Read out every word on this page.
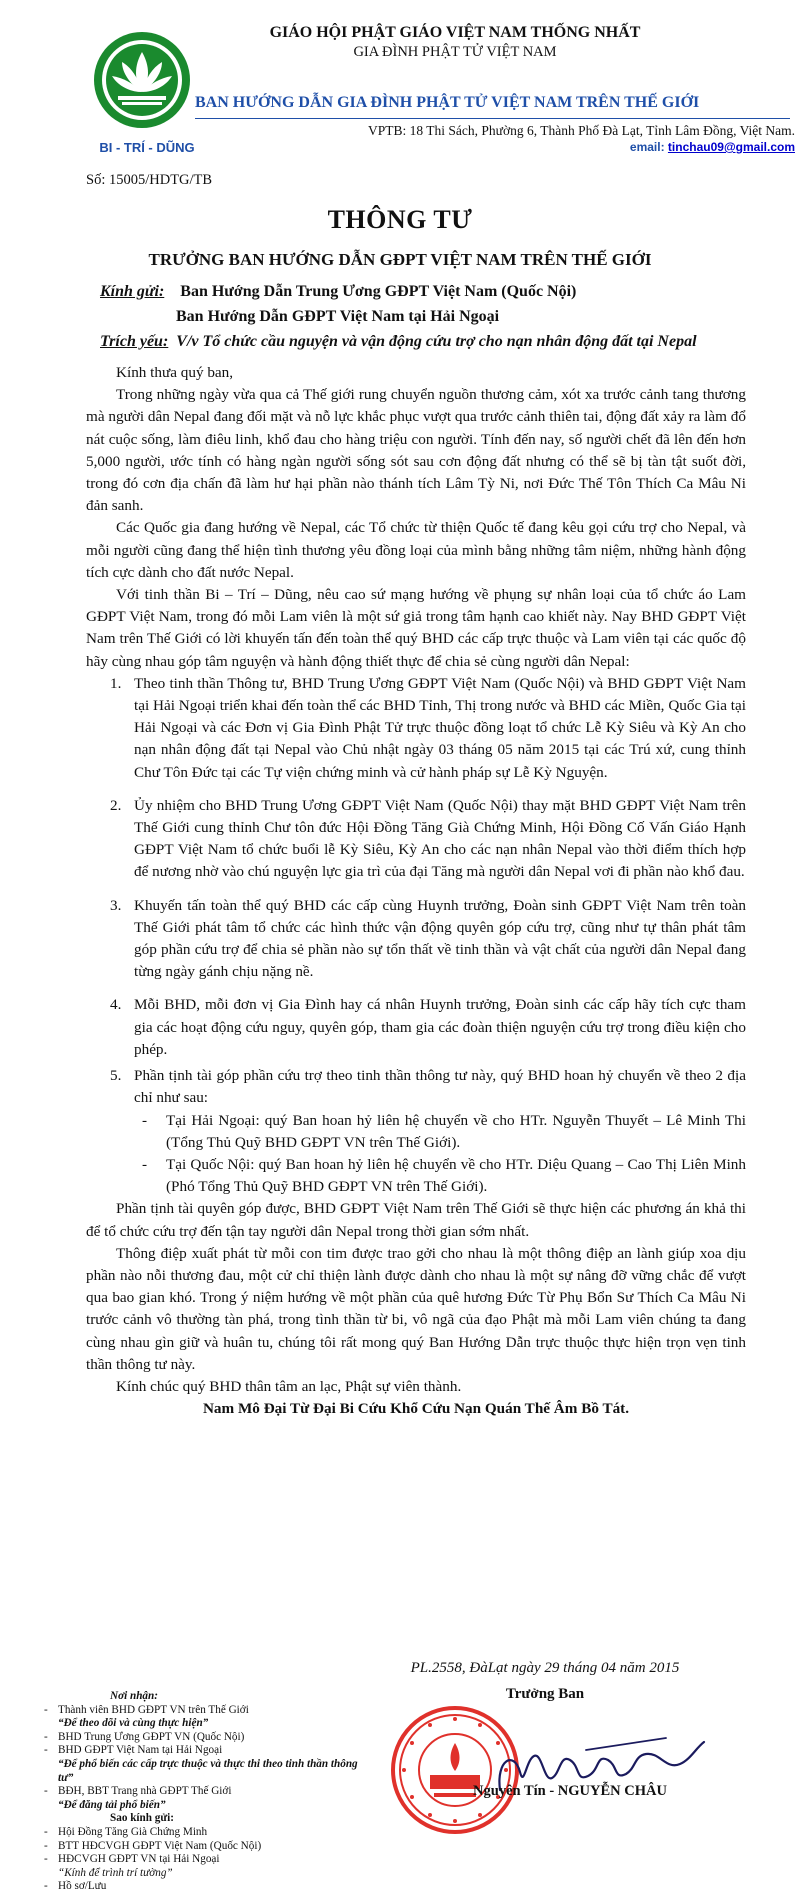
BI - TRÍ - DŨNG
GIÁO HỘI PHẬT GIÁO VIỆT NAM THỐNG NHẤT
GIA ĐÌNH PHẬT TỬ VIỆT NAM
BAN HƯỚNG DẪN GIA ĐÌNH PHẬT TỬ VIỆT NAM TRÊN THẾ GIỚI
VPTB: 18 Thi Sách, Phường 6, Thành Phố Đà Lạt, Tỉnh Lâm Đồng, Việt Nam.
email: tinchau09@gmail.com
Số: 15005/HDTG/TB
THÔNG TƯ
TRƯỞNG BAN HƯỚNG DẪN GĐPT VIỆT NAM TRÊN THẾ GIỚI
Kính gửi: Ban Hướng Dẫn Trung Ương GĐPT Việt Nam (Quốc Nội)
Ban Hướng Dẫn GĐPT Việt Nam tại Hải Ngoại
Trích yếu: V/v Tổ chức cầu nguyện và vận động cứu trợ cho nạn nhân động đất tại Nepal

Kính thưa quý ban,

Trong những ngày vừa qua cả Thế giới rung chuyển nguồn thương cảm, xót xa trước cảnh tang thương mà người dân Nepal đang đối mặt và nỗ lực khắc phục vượt qua trước cảnh thiên tai, động đất xảy ra làm đổ nát cuộc sống, làm điêu linh, khổ đau cho hàng triệu con người. Tính đến nay, số người chết đã lên đến hơn 5,000 người, ước tính có hàng ngàn người sống sót sau cơn động đất nhưng có thể sẽ bị tàn tật suốt đời, trong đó cơn địa chấn đã làm hư hại phần nào thánh tích Lâm Tỳ Ni, nơi Đức Thế Tôn Thích Ca Mâu Ni đản sanh.

Các Quốc gia đang hướng về Nepal, các Tổ chức từ thiện Quốc tế đang kêu gọi cứu trợ cho Nepal, và mỗi người cũng đang thể hiện tình thương yêu đồng loại của mình bằng những tâm niệm, những hành động tích cực dành cho đất nước Nepal.

Với tinh thần Bi – Trí – Dũng, nêu cao sứ mạng hướng về phụng sự nhân loại của tổ chức áo Lam GĐPT Việt Nam, trong đó mỗi Lam viên là một sứ giả trong tâm hạnh cao khiết này. Nay BHD GĐPT Việt Nam trên Thế Giới có lời khuyến tấn đến toàn thể quý BHD các cấp trực thuộc và Lam viên tại các quốc độ hãy cùng nhau góp tâm nguyện và hành động thiết thực để chia sẻ cùng người dân Nepal:

1. Theo tinh thần Thông tư, BHD Trung Ương GĐPT Việt Nam (Quốc Nội) và BHD GĐPT Việt Nam tại Hải Ngoại triển khai đến toàn thể các BHD Tỉnh, Thị trong nước và BHD các Miền, Quốc Gia tại Hải Ngoại và các Đơn vị Gia Đình Phật Tử trực thuộc đồng loạt tổ chức Lễ Kỳ Siêu và Kỳ An cho nạn nhân động đất tại Nepal vào Chủ nhật ngày 03 tháng 05 năm 2015 tại các Trú xứ, cung thỉnh Chư Tôn Đức tại các Tự viện chứng minh và cử hành pháp sự Lễ Kỳ Nguyện.
2. Ủy nhiệm cho BHD Trung Ương GĐPT Việt Nam (Quốc Nội) thay mặt BHD GĐPT Việt Nam trên Thế Giới cung thỉnh Chư tôn đức Hội Đồng Tăng Già Chứng Minh, Hội Đồng Cố Vấn Giáo Hạnh GĐPT Việt Nam tổ chức buổi lễ Kỳ Siêu, Kỳ An cho các nạn nhân Nepal vào thời điểm thích hợp để nương nhờ vào chú nguyện lực gia trì của đại Tăng mà người dân Nepal vơi đi phần nào khổ đau.
3. Khuyến tấn toàn thể quý BHD các cấp cùng Huynh trưởng, Đoàn sinh GĐPT Việt Nam trên toàn Thế Giới phát tâm tổ chức các hình thức vận động quyên góp cứu trợ, cũng như tự thân phát tâm góp phần cứu trợ để chia sẻ phần nào sự tổn thất về tinh thần và vật chất của người dân Nepal đang từng ngày gánh chịu nặng nề.
4. Mỗi BHD, mỗi đơn vị Gia Đình hay cá nhân Huynh trưởng, Đoàn sinh các cấp hãy tích cực tham gia các hoạt động cứu nguy, quyên góp, tham gia các đoàn thiện nguyện cứu trợ trong điều kiện cho phép.
5. Phần tịnh tài góp phần cứu trợ theo tinh thần thông tư này, quý BHD hoan hỷ chuyển về theo 2 địa chỉ như sau:
- Tại Hải Ngoại: quý Ban hoan hỷ liên hệ chuyển về cho HTr. Nguyễn Thuyết – Lê Minh Thi (Tổng Thủ Quỹ BHD GĐPT VN trên Thế Giới).
- Tại Quốc Nội: quý Ban hoan hỷ liên hệ chuyển về cho HTr. Diệu Quang – Cao Thị Liên Minh (Phó Tổng Thủ Quỹ BHD GĐPT VN trên Thế Giới).

Phần tịnh tài quyên góp được, BHD GĐPT Việt Nam trên Thế Giới sẽ thực hiện các phương án khả thi để tổ chức cứu trợ đến tận tay người dân Nepal trong thời gian sớm nhất.

Thông điệp xuất phát từ mỗi con tim được trao gởi cho nhau là một thông điệp an lành giúp xoa dịu phần nào nỗi thương đau, một cử chỉ thiện lành được dành cho nhau là một sự nâng đỡ vững chắc để vượt qua bao gian khó. Trong ý niệm hướng về một phần của quê hương Đức Từ Phụ Bổn Sư Thích Ca Mâu Ni trước cảnh vô thường tàn phá, trong tình thần từ bi, vô ngã của đạo Phật mà mỗi Lam viên chúng ta đang cùng nhau gìn giữ và huân tu, chúng tôi rất mong quý Ban Hướng Dẫn trực thuộc thực hiện trọn vẹn tinh thần thông tư này.

Kính chúc quý BHD thân tâm an lạc, Phật sự viên thành.

Nam Mô Đại Từ Đại Bi Cứu Khổ Cứu Nạn Quán Thế Âm Bồ Tát.

Nơi nhận:
- Thành viên BHD GĐPT VN trên Thế Giới
“Để theo dõi và cùng thực hiện”
- BHD Trung Ương GĐPT VN (Quốc Nội)
- BHD GĐPT Việt Nam tại Hải Ngoại
“Để phổ biến các cấp trực thuộc và thực thi theo tinh thần thông tư”
- BĐH, BBT Trang nhà GĐPT Thế Giới
“Để đăng tải phổ biến”
Sao kính gửi:
- Hội Đồng Tăng Già Chứng Minh
- BTT HĐCVGH GĐPT Việt Nam (Quốc Nội)
- HĐCVGH GĐPT VN tại Hải Ngoại
“Kính để trình trí tường”
- Hồ sơ/Lưu
PL.2558, ĐàLạt ngày 29 tháng 04 năm 2015
Trưởng Ban
Nguyên Tín - NGUYỄN CHÂU
